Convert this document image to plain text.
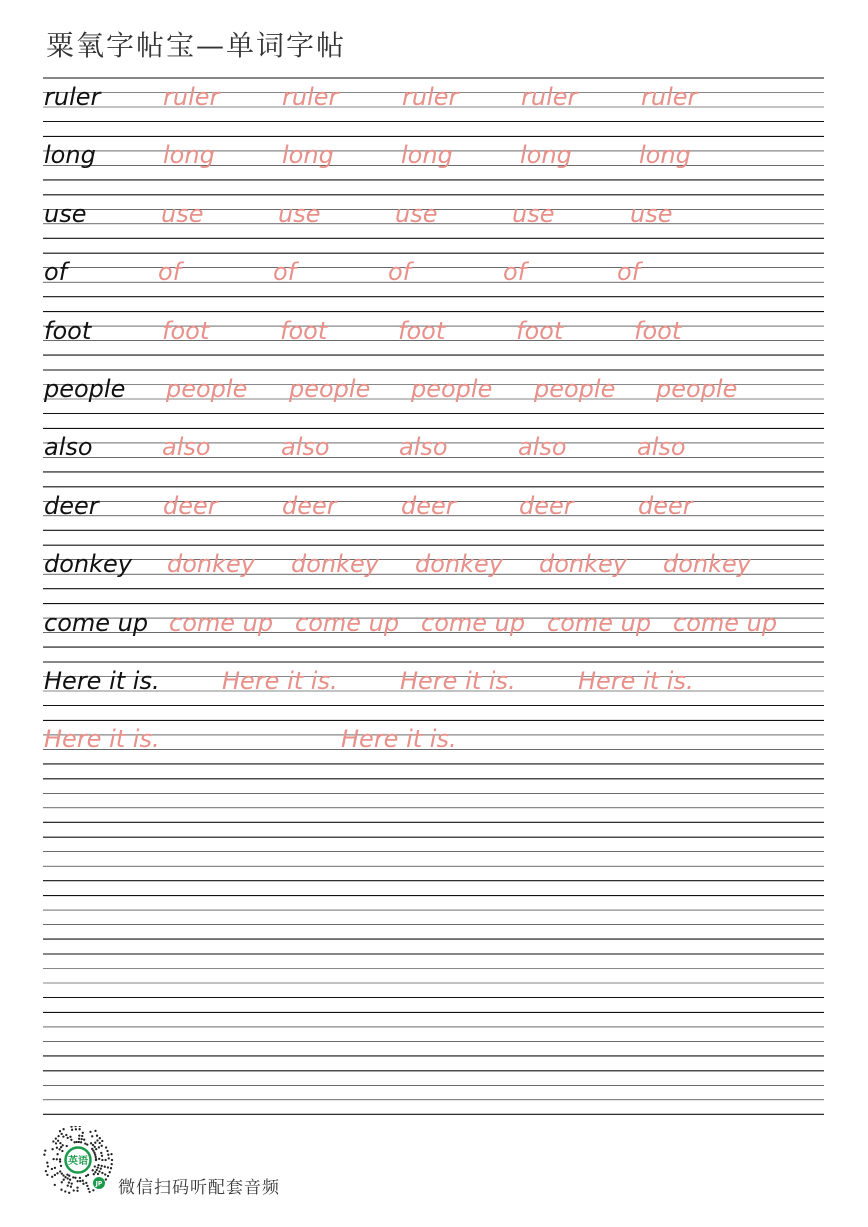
粟氧字帖宝—单词字帖
ruler	ruler	ruler	ruler	ruler	ruler
long	long	long	long	long	long
use	use	use	use	use	use
of	of	of	of	of	of
foot	foot	foot	foot	foot	foot
people people people people people people
also	also	also	also	also	also
deer	deer	deer	deer	deer	deer
donkey donkey donkey donkey donkey donkey
come up come up come up come up come up come up
Here it is.	Here it is.	Here it is.	Here it is.
Here it is.	Here it is.
英语
JP 微信扫码听配套音频
